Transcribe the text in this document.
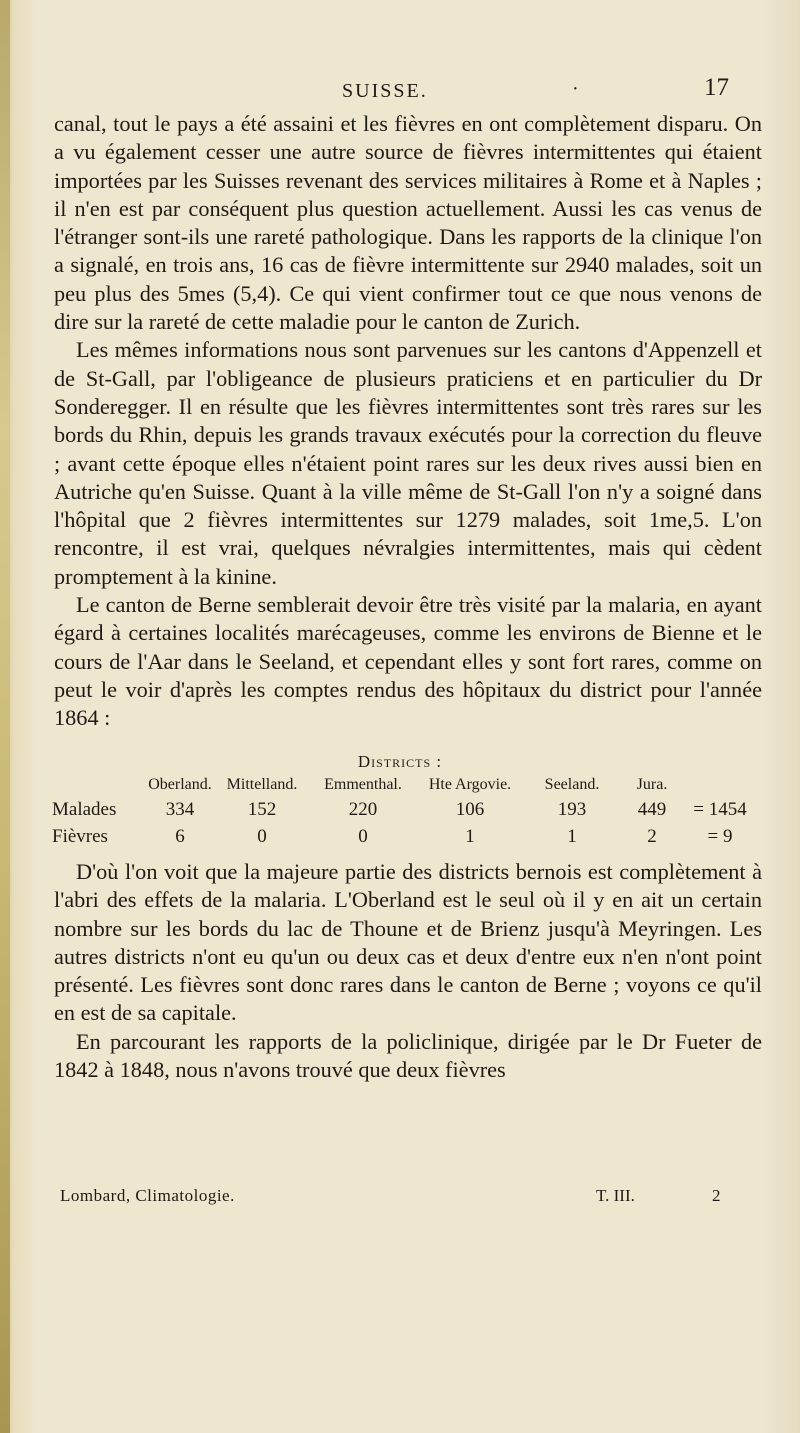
SUISSE.	·	17

canal, tout le pays a été assaini et les fièvres en ont complètement disparu. On a vu également cesser une autre source de fièvres intermittentes qui étaient importées par les Suisses revenant des services militaires à Rome et à Naples ; il n'en est par conséquent plus question actuellement. Aussi les cas venus de l'étranger sont-ils une rareté pathologique. Dans les rapports de la clinique l'on a signalé, en trois ans, 16 cas de fièvre intermittente sur 2940 malades, soit un peu plus des 5mes (5,4). Ce qui vient confirmer tout ce que nous venons de dire sur la rareté de cette maladie pour le canton de Zurich.

Les mêmes informations nous sont parvenues sur les cantons d'Appenzell et de St-Gall, par l'obligeance de plusieurs praticiens et en particulier du Dr Sonderegger. Il en résulte que les fièvres intermittentes sont très rares sur les bords du Rhin, depuis les grands travaux exécutés pour la correction du fleuve ; avant cette époque elles n'étaient point rares sur les deux rives aussi bien en Autriche qu'en Suisse. Quant à la ville même de St-Gall l'on n'y a soigné dans l'hôpital que 2 fièvres intermittentes sur 1279 malades, soit 1me,5. L'on rencontre, il est vrai, quelques névralgies intermittentes, mais qui cèdent promptement à la kinine.

Le canton de Berne semblerait devoir être très visité par la malaria, en ayant égard à certaines localités marécageuses, comme les environs de Bienne et le cours de l'Aar dans le Seeland, et cependant elles y sont fort rares, comme on peut le voir d'après les comptes rendus des hôpitaux du district pour l'année 1864 :

Districts :
	Oberland.	Mittelland.	Emmenthal.	Hte Argovie.	Seeland.	Jura.	
Malades	334	152	220	106	193	449	= 1454
Fièvres	6	0	0	1	1	2	= 9

D'où l'on voit que la majeure partie des districts bernois est complètement à l'abri des effets de la malaria. L'Oberland est le seul où il y en ait un certain nombre sur les bords du lac de Thoune et de Brienz jusqu'à Meyringen. Les autres districts n'ont eu qu'un ou deux cas et deux d'entre eux n'en n'ont point présenté. Les fièvres sont donc rares dans le canton de Berne ; voyons ce qu'il en est de sa capitale.

En parcourant les rapports de la policlinique, dirigée par le Dr Fueter de 1842 à 1848, nous n'avons trouvé que deux fièvres

Lombard, Climatologie.	T. III.	2
